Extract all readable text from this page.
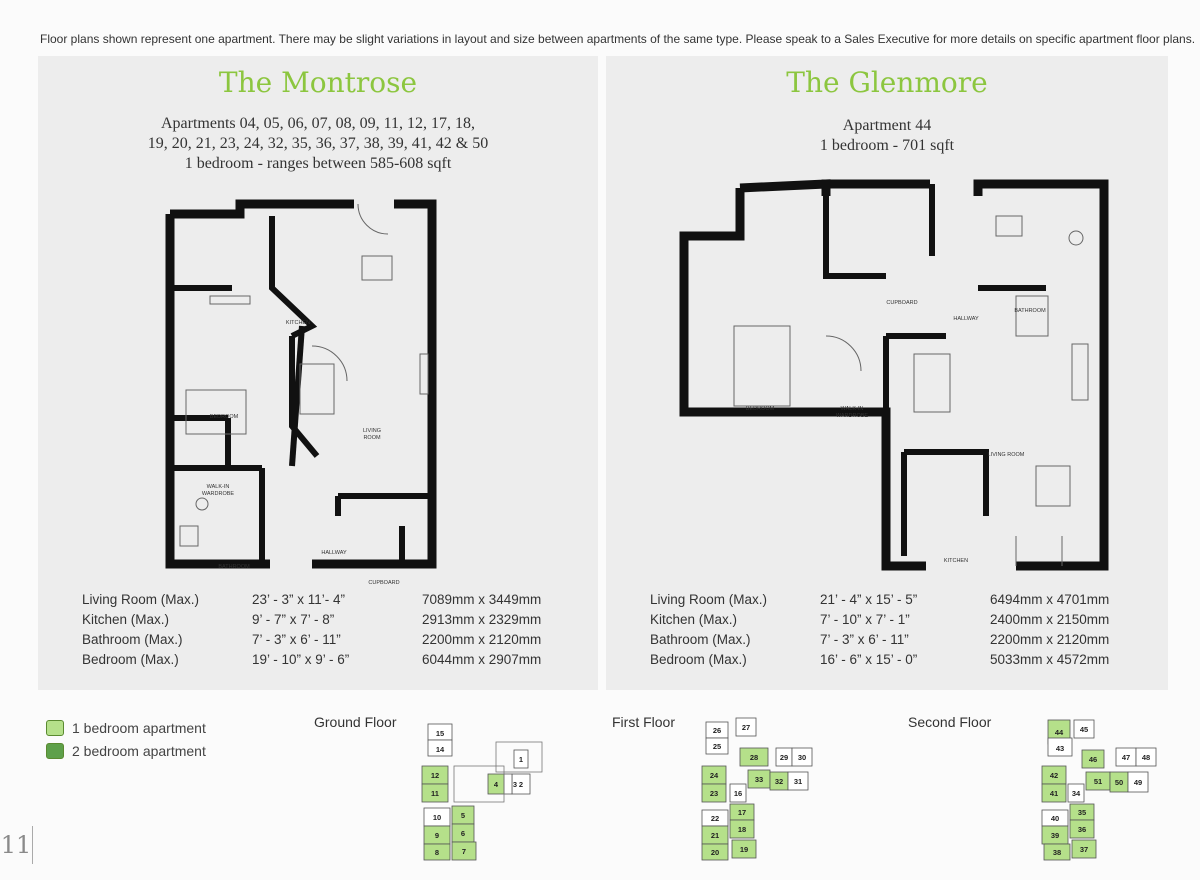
Floor plans shown represent one apartment. There may be slight variations in layout and size between apartments of the same type. Please speak to a Sales Executive for more details on specific apartment floor plans.
The Montrose
Apartments 04, 05, 06, 07, 08, 09, 11, 12, 17, 18,
19, 20, 21, 23, 24, 32, 35, 36, 37, 38, 39, 41, 42 & 50
1 bedroom - ranges between 585-608 sqft
KITCHEN
LIVING
ROOM
BEDROOM
WALK-IN
WARDROBE
BATHROOM
HALLWAY
CUPBOARD
Living Room (Max.)	23’ - 3” x 11’- 4”	7089mm x 3449mm
Kitchen (Max.)	9’ - 7” x 7’ - 8”	2913mm x 2329mm
Bathroom (Max.)	7’ - 3” x 6’ - 11”	2200mm x 2120mm
Bedroom (Max.)	19’ - 10” x 9’ - 6”	6044mm x 2907mm
The Glenmore
Apartment 44
1 bedroom - 701 sqft
CUPBOARD
HALLWAY
BATHROOM
BEDROOM	WALK-IN
WARDROBE
LIVING ROOM
KITCHEN
Living Room (Max.)	21’ - 4” x 15’ - 5”	6494mm x 4701mm
Kitchen (Max.)	7’ - 10” x 7’ - 1”	2400mm x 2150mm
Bathroom (Max.)	7’ - 3” x 6’ - 11”	2200mm x 2120mm
Bedroom (Max.)	16’ - 6” x 15’ - 0”	5033mm x 4572mm
1 bedroom apartment
2 bedroom apartment
Ground Floor	First Floor	Second Floor
15
14
12
11
10
9
8
1
2
3
4
5
6
7
26	27
25
28	29 30
24	33 32 31
23 16
17
22
18
21
20	19
44 45
43
46	47 48
42
51 50 49
41 34
35
40
36
39
38 37
11
